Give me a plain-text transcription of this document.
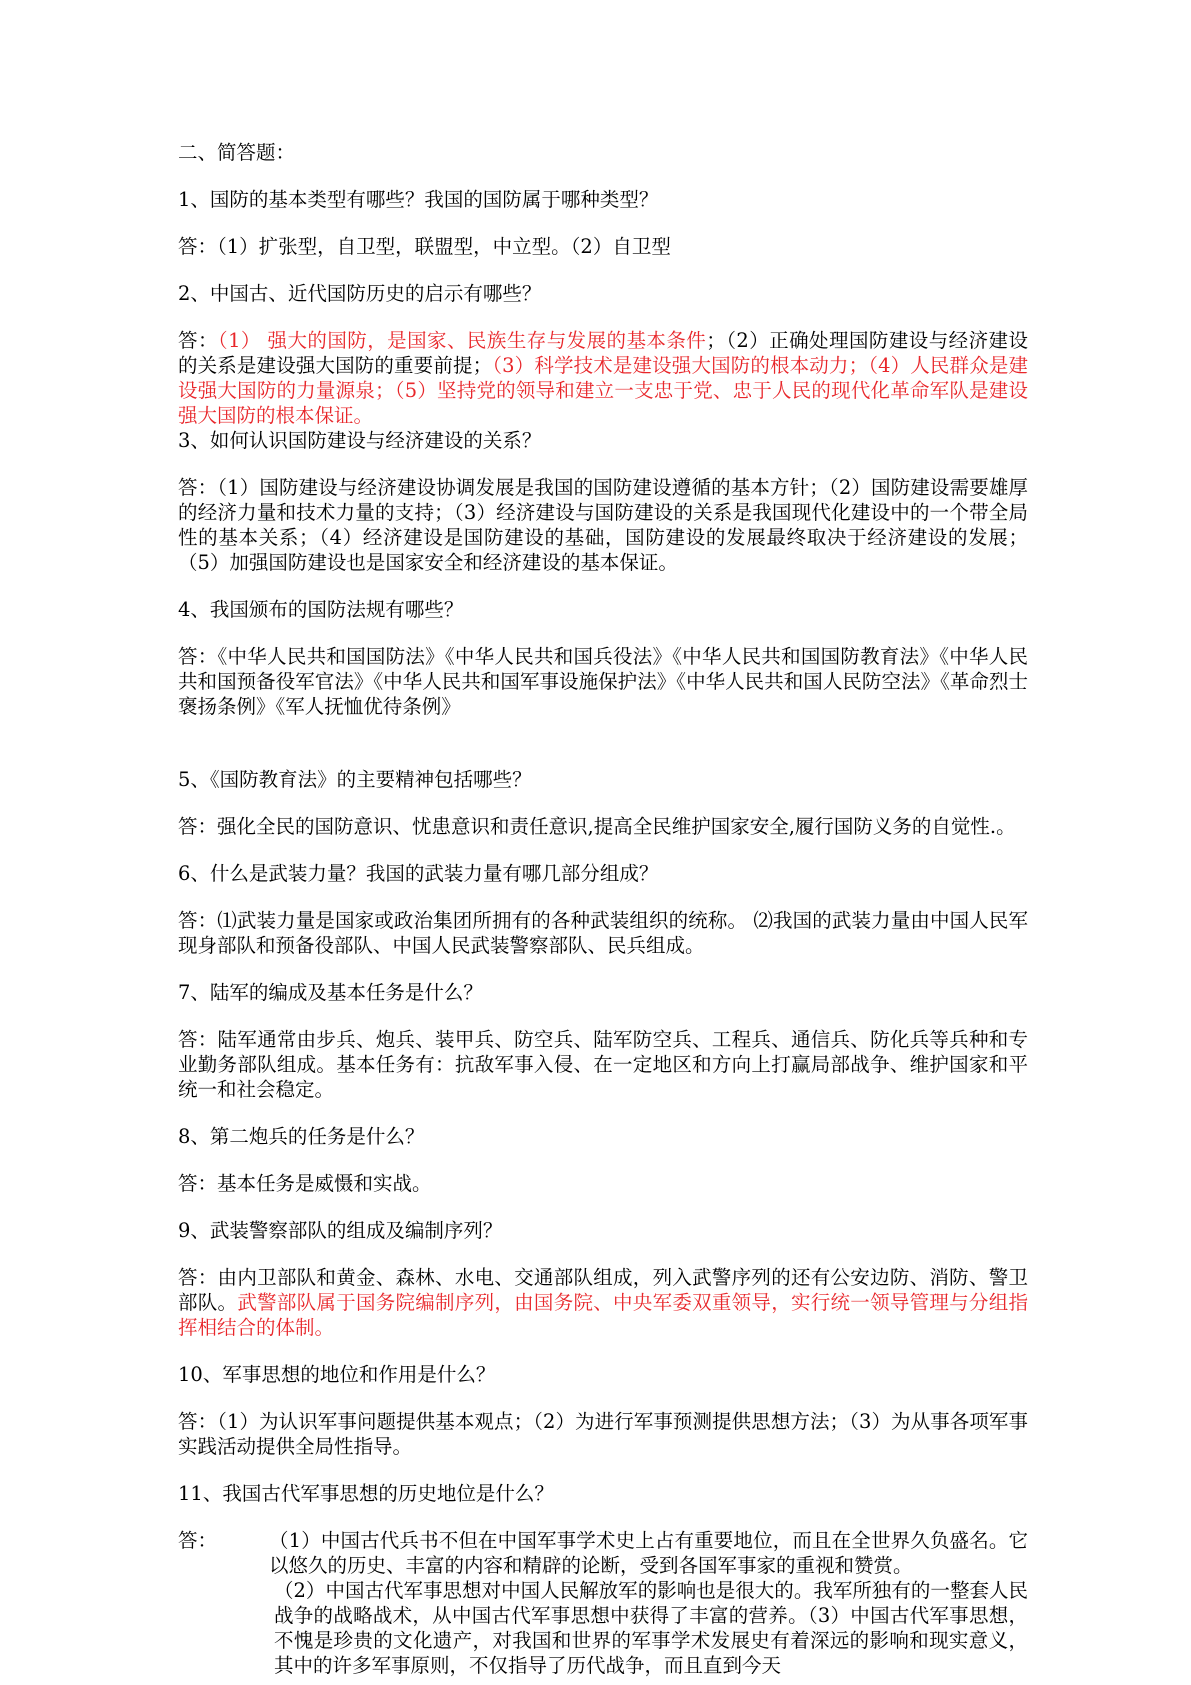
二、简答题：
1、国防的基本类型有哪些？我国的国防属于哪种类型？
答：（1）扩张型，自卫型，联盟型，中立型。（2）自卫型
2、中国古、近代国防历史的启示有哪些？
答：（1） 强大的国防，是国家、民族生存与发展的基本条件；（2）正确处理国防建设与经济建设的关系是建设强大国防的重要前提；（3）科学技术是建设强大国防的根本动力；（4）人民群众是建设强大国防的力量源泉；（5）坚持党的领导和建立一支忠于党、忠于人民的现代化革命军队是建设强大国防的根本保证。
3、如何认识国防建设与经济建设的关系？
答：（1）国防建设与经济建设协调发展是我国的国防建设遵循的基本方针；（2）国防建设需要雄厚的经济力量和技术力量的支持；（3）经济建设与国防建设的关系是我国现代化建设中的一个带全局性的基本关系；（4）经济建设是国防建设的基础，国防建设的发展最终取决于经济建设的发展；（5）加强国防建设也是国家安全和经济建设的基本保证。
4、我国颁布的国防法规有哪些？
答：《中华人民共和国国防法》《中华人民共和国兵役法》《中华人民共和国国防教育法》《中华人民共和国预备役军官法》《中华人民共和国军事设施保护法》《中华人民共和国人民防空法》《革命烈士褒扬条例》《军人抚恤优待条例》
5、《国防教育法》的主要精神包括哪些？
答：强化全民的国防意识、忧患意识和责任意识,提高全民维护国家安全,履行国防义务的自觉性.。
6、什么是武装力量？我国的武装力量有哪几部分组成？
答：⑴武装力量是国家或政治集团所拥有的各种武装组织的统称。 ⑵我国的武装力量由中国人民军现身部队和预备役部队、中国人民武装警察部队、民兵组成。
7、陆军的编成及基本任务是什么？
答：陆军通常由步兵、炮兵、装甲兵、防空兵、陆军防空兵、工程兵、通信兵、防化兵等兵种和专业勤务部队组成。基本任务有：抗敌军事入侵、在一定地区和方向上打赢局部战争、维护国家和平统一和社会稳定。
8、第二炮兵的任务是什么？
答：基本任务是威慑和实战。
9、武装警察部队的组成及编制序列？
答：由内卫部队和黄金、森林、水电、交通部队组成，列入武警序列的还有公安边防、消防、警卫部队。武警部队属于国务院编制序列，由国务院、中央军委双重领导，实行统一领导管理与分组指挥相结合的体制。
10、军事思想的地位和作用是什么？
答：（1）为认识军事问题提供基本观点；（2）为进行军事预测提供思想方法；（3）为从事各项军事实践活动提供全局性指导。
11、我国古代军事思想的历史地位是什么？
答：	（1）中国古代兵书不但在中国军事学术史上占有重要地位，而且在全世界久负盛名。它以悠久的历史、丰富的内容和精辟的论断，受到各国军事家的重视和赞赏。
（2）中国古代军事思想对中国人民解放军的影响也是很大的。我军所独有的一整套人民战争的战略战术，从中国古代军事思想中获得了丰富的营养。（3）中国古代军事思想，不愧是珍贵的文化遗产，对我国和世界的军事学术发展史有着深远的影响和现实意义，其中的许多军事原则，不仅指导了历代战争，而且直到今天
